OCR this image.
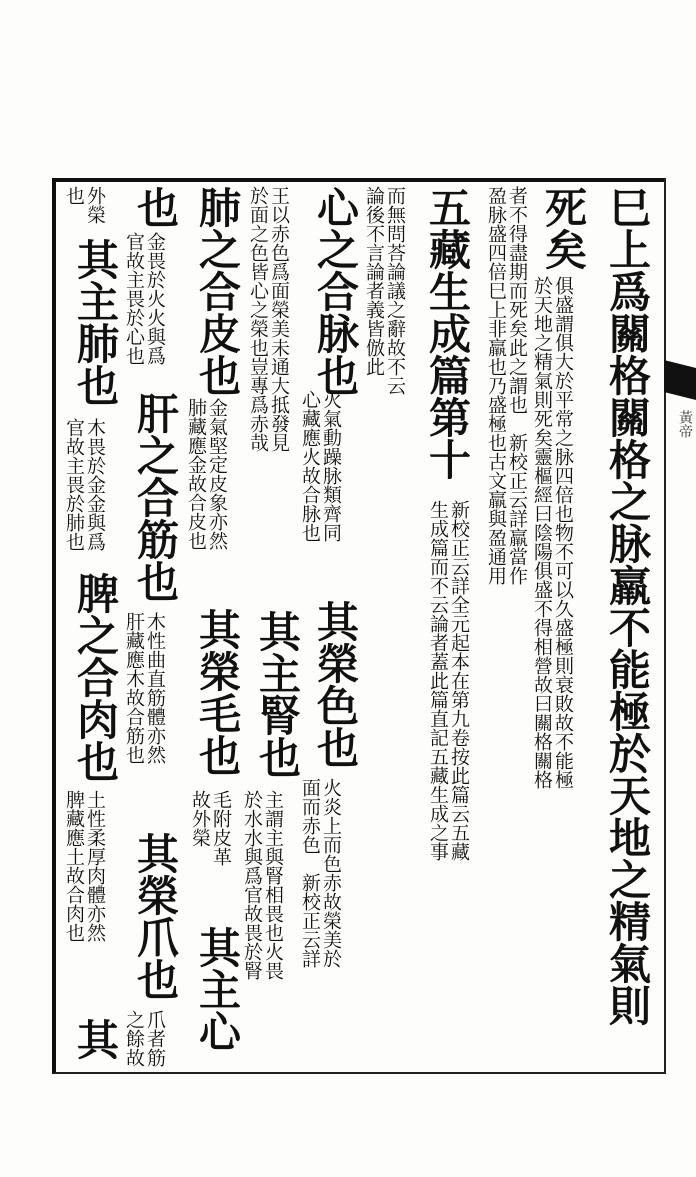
黃帝
巳上爲關格關格之脉羸不能極於天地之精氣則
死矣
俱盛謂俱大於平常之脉四倍也物不可以久盛極則衰敗故不能極
於天地之精氣則死矣靈樞經曰陰陽俱盛不得相營故曰關格關格
者不得盡期而死矣此之謂也　新校正云詳羸當作
盈脉盛四倍巳上非羸也乃盛極也古文羸與盈通用
五藏生成篇第十
新校正云詳全元起本在第九卷按此篇云五藏
生成篇而不云論者蓋此篇直記五藏生成之事
而無問荅論議之辭故不云
論後不言論者義皆倣此
心之合脉也
火氣動躁脉類齊同
心藏應火故合脉也
其榮色也
火炎上而色赤故榮美於
面而赤色　新校正云詳
王以赤色爲面榮美未通大抵發見
於面之色皆心之榮也豈專爲赤哉
其主腎也
主謂主與腎相畏也火畏
於水水與爲官故畏於腎
肺之合皮也
金氣堅定皮象亦然
肺藏應金故合皮也
其榮毛也
毛附皮革
故外榮
其主心
也
金畏於火火與爲
官故主畏於心也
肝之合筋也
木性曲直筋體亦然
肝藏應木故合筋也
其榮爪也
爪者筋
之餘故
外榮
也
其主肺也
木畏於金金與爲
官故主畏於肺也
脾之合肉也
土性柔厚肉體亦然
脾藏應土故合肉也
其
